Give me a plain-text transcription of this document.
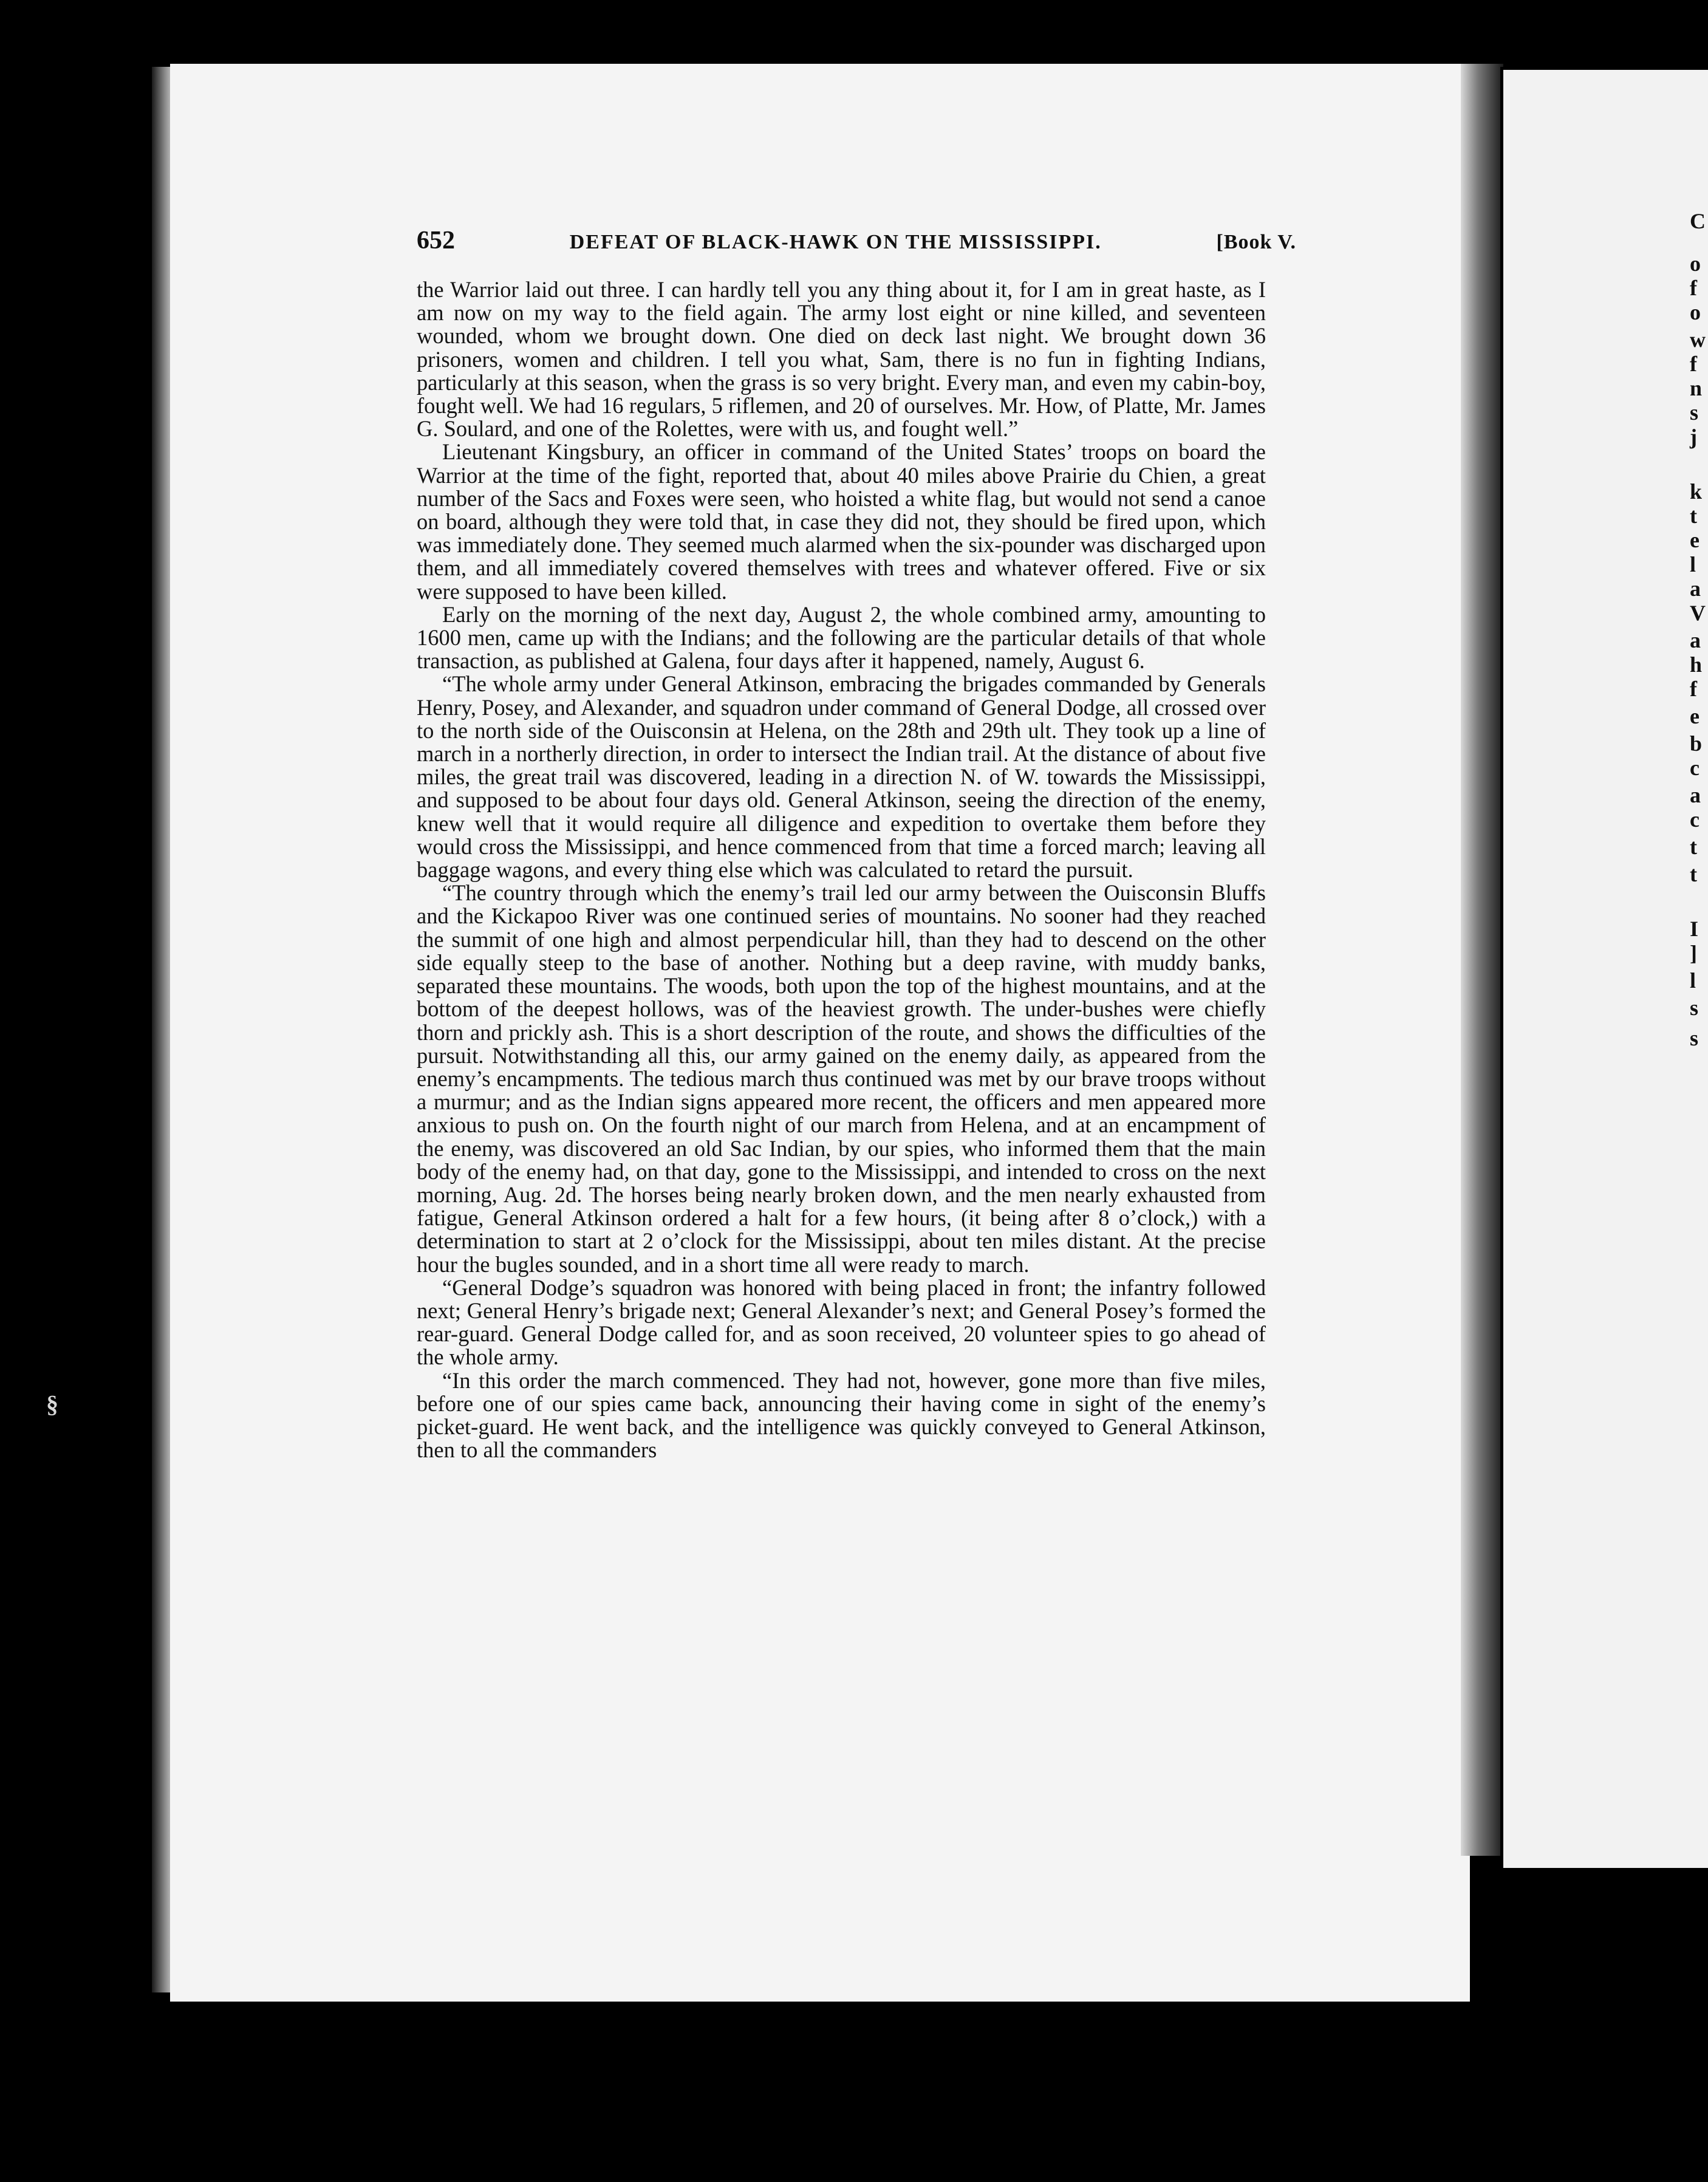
§
652	DEFEAT OF BLACK-HAWK ON THE MISSISSIPPI.	[Book V.

the Warrior laid out three. I can hardly tell you any thing about it, for I am in great haste, as I am now on my way to the field again. The army lost eight or nine killed, and seventeen wounded, whom we brought down. One died on deck last night. We brought down 36 prisoners, women and children. I tell you what, Sam, there is no fun in fighting Indians, particularly at this season, when the grass is so very bright. Every man, and even my cabin-boy, fought well. We had 16 regulars, 5 riflemen, and 20 of ourselves. Mr. How, of Platte, Mr. James G. Soulard, and one of the Rolettes, were with us, and fought well.”

Lieutenant Kingsbury, an officer in command of the United States’ troops on board the Warrior at the time of the fight, reported that, about 40 miles above Prairie du Chien, a great number of the Sacs and Foxes were seen, who hoisted a white flag, but would not send a canoe on board, although they were told that, in case they did not, they should be fired upon, which was immediately done. They seemed much alarmed when the six-pounder was discharged upon them, and all immediately covered themselves with trees and whatever offered. Five or six were supposed to have been killed.

Early on the morning of the next day, August 2, the whole combined army, amounting to 1600 men, came up with the Indians; and the following are the particular details of that whole transaction, as published at Galena, four days after it happened, namely, August 6.

“The whole army under General Atkinson, embracing the brigades commanded by Generals Henry, Posey, and Alexander, and squadron under command of General Dodge, all crossed over to the north side of the Ouisconsin at Helena, on the 28th and 29th ult. They took up a line of march in a northerly direction, in order to intersect the Indian trail. At the distance of about five miles, the great trail was discovered, leading in a direction N. of W. towards the Mississippi, and supposed to be about four days old. General Atkinson, seeing the direction of the enemy, knew well that it would require all diligence and expedition to overtake them before they would cross the Mississippi, and hence commenced from that time a forced march; leaving all baggage wagons, and every thing else which was calculated to retard the pursuit.

“The country through which the enemy’s trail led our army between the Ouisconsin Bluffs and the Kickapoo River was one continued series of mountains. No sooner had they reached the summit of one high and almost perpendicular hill, than they had to descend on the other side equally steep to the base of another. Nothing but a deep ravine, with muddy banks, separated these mountains. The woods, both upon the top of the highest mountains, and at the bottom of the deepest hollows, was of the heaviest growth. The under-bushes were chiefly thorn and prickly ash. This is a short description of the route, and shows the difficulties of the pursuit. Notwithstanding all this, our army gained on the enemy daily, as appeared from the enemy’s encampments. The tedious march thus continued was met by our brave troops without a murmur; and as the Indian signs appeared more recent, the officers and men appeared more anxious to push on. On the fourth night of our march from Helena, and at an encampment of the enemy, was discovered an old Sac Indian, by our spies, who informed them that the main body of the enemy had, on that day, gone to the Mississippi, and intended to cross on the next morning, Aug. 2d. The horses being nearly broken down, and the men nearly exhausted from fatigue, General Atkinson ordered a halt for a few hours, (it being after 8 o’clock,) with a determination to start at 2 o’clock for the Mississippi, about ten miles distant. At the precise hour the bugles sounded, and in a short time all were ready to march.

“General Dodge’s squadron was honored with being placed in front; the infantry followed next; General Henry’s brigade next; General Alexander’s next; and General Posey’s formed the rear-guard. General Dodge called for, and as soon received, 20 volunteer spies to go ahead of the whole army.

“In this order the march commenced. They had not, however, gone more than five miles, before one of our spies came back, announcing their having come in sight of the enemy’s picket-guard. He went back, and the intelligence was quickly conveyed to General Atkinson, then to all the commanders

C
o
f
o
w
f
n
s
j
k
t
e
l
a
V
a
h
f
e
b
c
a
c
t
t
I
]
l
s
s
